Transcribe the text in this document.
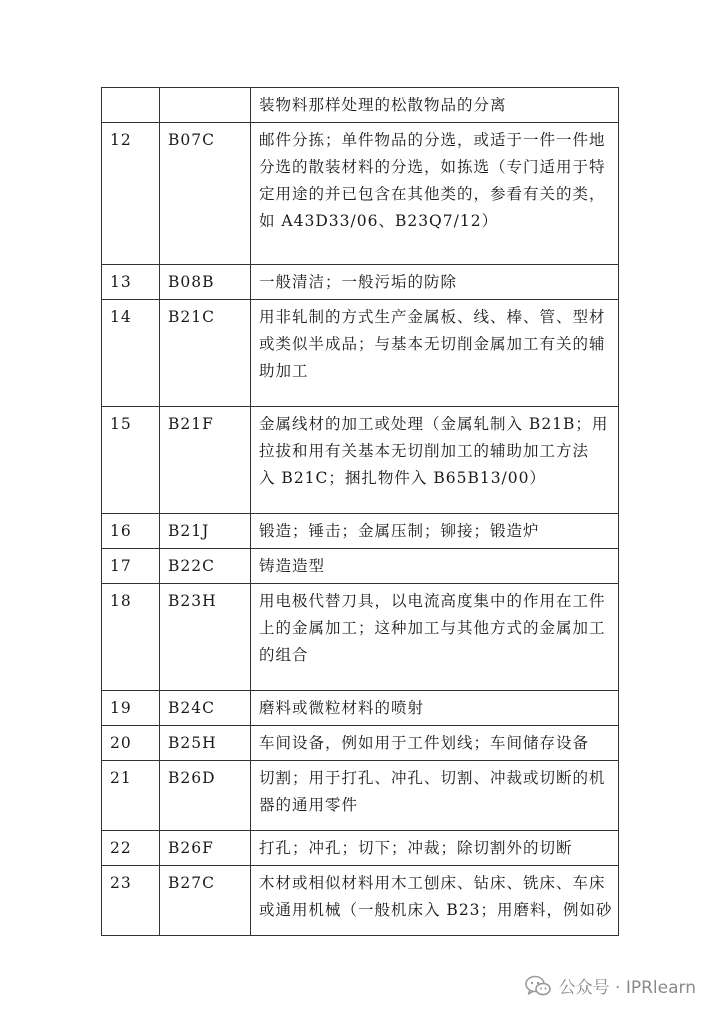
		装物料那样处理的松散物品的分离

12	B07C	邮件分拣；单件物品的分选，或适于一件一件地
分选的散装材料的分选，如拣选（专门适用于特
定用途的并已包含在其他类的，参看有关的类，
如 A43D33/06、B23Q7/12）

13	B08B	一般清洁；一般污垢的防除

14	B21C	用非轧制的方式生产金属板、线、棒、管、型材
或类似半成品；与基本无切削金属加工有关的辅
助加工

15	B21F	金属线材的加工或处理（金属轧制入 B21B；用
拉拔和用有关基本无切削加工的辅助加工方法
入 B21C；捆扎物件入 B65B13/00）

16	B21J	锻造；锤击；金属压制；铆接；锻造炉

17	B22C	铸造造型

18	B23H	用电极代替刀具，以电流高度集中的作用在工件
上的金属加工；这种加工与其他方式的金属加工
的组合

19	B24C	磨料或微粒材料的喷射

20	B25H	车间设备，例如用于工件划线；车间储存设备

21	B26D	切割；用于打孔、冲孔、切割、冲裁或切断的机
器的通用零件

22	B26F	打孔；冲孔；切下；冲裁；除切割外的切断

23	B27C	木材或相似材料用木工刨床、钻床、铣床、车床
或通用机械（一般机床入 B23；用磨料，例如砂
公众号 · IPRlearn
